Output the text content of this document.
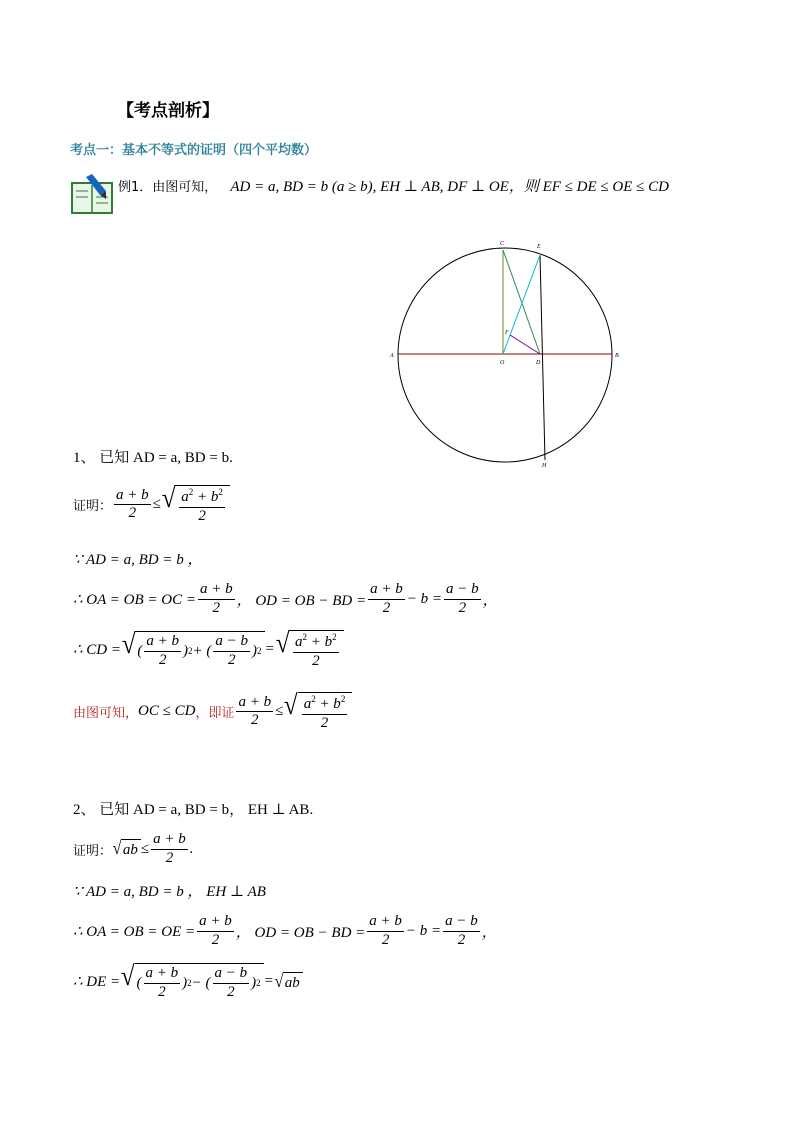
【考点剖析】
考点一：基本不等式的证明（四个平均数）
例1．由图可知， AD = a, BD = b (a ≥ b), EH ⊥ AB, DF ⊥ OE，则 EF ≤ DE ≤ OE ≤ CD
C	E
A	B
O	D
F
H
1、 已知 AD = a, BD = b.
证明： $\frac{a + b}{2}$ ≤ √ $\frac{a^2 + b^2}{2}$
∵ AD = a, BD = b ，
∴ OA = OB = OC = $\frac{a + b}{2}$ ， OD = OB − BD = $\frac{a + b}{2} - b = \frac{a - b}{2}$ ，
∴ CD = √ ( $\frac{a + b}{2}$ ) 2 + ( $\frac{a - b}{2}$ ) 2 = √ $\frac{a^2 + b^2}{2}$
由图可知， OC ≤ CD ，即证 $\frac{a + b}{2}$ ≤ √ $\frac{a^2 + b^2}{2}$
2、 已知 AD = a, BD = b， EH ⊥ AB.
证明： √ ab ≤ $\frac{a + b}{2}$ .
∵ AD = a, BD = b ， EH ⊥ AB
∴ OA = OB = OE = $\frac{a + b}{2}$ ， OD = OB − BD = $\frac{a + b}{2} - b = \frac{a - b}{2}$ ，
∴ DE = √ ( $\frac{a + b}{2}$ ) 2 − ( $\frac{a - b}{2}$ ) 2 = √ ab
